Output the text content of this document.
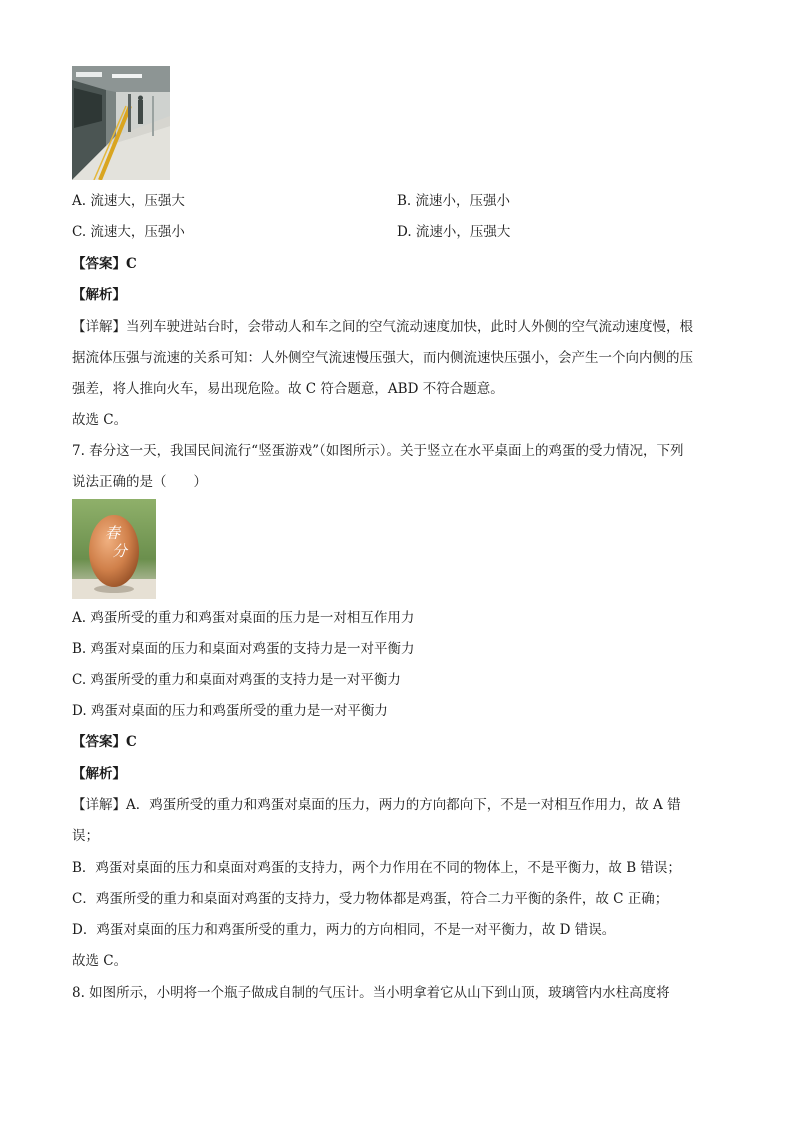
A. 流速大，压强大	B. 流速小，压强小
C. 流速大，压强小	D. 流速小，压强大
【答案】C
【解析】
【详解】当列车驶进站台时，会带动人和车之间的空气流动速度加快，此时人外侧的空气流动速度慢，根
据流体压强与流速的关系可知：人外侧空气流速慢压强大，而内侧流速快压强小，会产生一个向内侧的压
强差，将人推向火车，易出现危险。故 C 符合题意，ABD 不符合题意。
故选 C。
7. 春分这一天，我国民间流行“竖蛋游戏”（如图所示）。关于竖立在水平桌面上的鸡蛋的受力情况，下列
说法正确的是（　　）
春
分
A. 鸡蛋所受的重力和鸡蛋对桌面的压力是一对相互作用力
B. 鸡蛋对桌面的压力和桌面对鸡蛋的支持力是一对平衡力
C. 鸡蛋所受的重力和桌面对鸡蛋的支持力是一对平衡力
D. 鸡蛋对桌面的压力和鸡蛋所受的重力是一对平衡力
【答案】C
【解析】
【详解】A．鸡蛋所受的重力和鸡蛋对桌面的压力，两力的方向都向下，不是一对相互作用力，故 A 错
误；
B．鸡蛋对桌面的压力和桌面对鸡蛋的支持力，两个力作用在不同的物体上，不是平衡力，故 B 错误；
C．鸡蛋所受的重力和桌面对鸡蛋的支持力，受力物体都是鸡蛋，符合二力平衡的条件，故 C 正确；
D．鸡蛋对桌面的压力和鸡蛋所受的重力，两力的方向相同，不是一对平衡力，故 D 错误。
故选 C。
8. 如图所示，小明将一个瓶子做成自制的气压计。当小明拿着它从山下到山顶，玻璃管内水柱高度将
